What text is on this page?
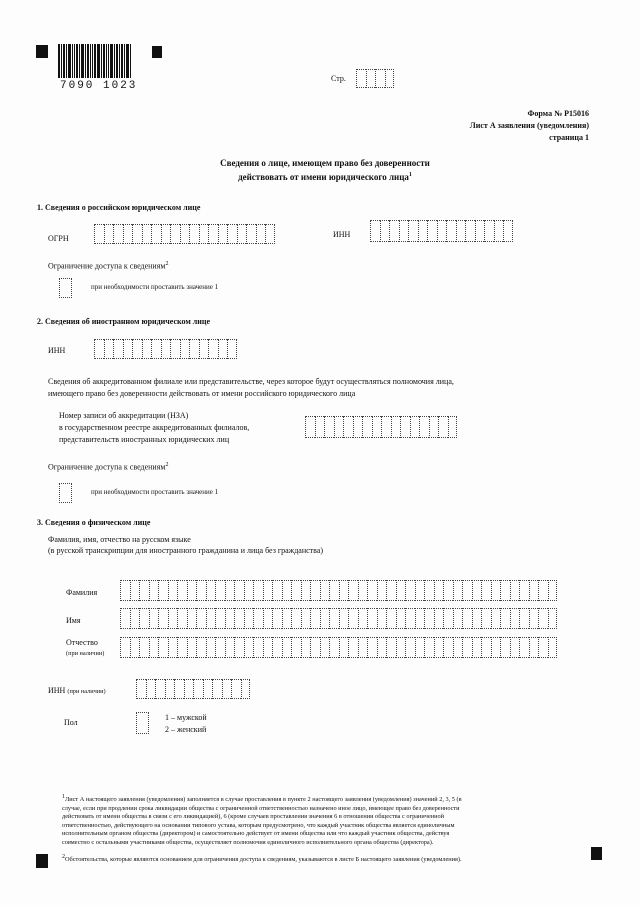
7090 1023
Стр.
Форма № Р15016
Лист А заявления (уведомления)
страница 1
Сведения о лице, имеющем право без доверенности
действовать от имени юридического лица$^1$
1. Сведения о российском юридическом лице
ОГРН	ИНН
Ограничение доступа к сведениям$^2$
при необходимости проставить значение 1
2. Сведения об иностранном юридическом лице
ИНН
Сведения об аккредитованном филиале или представительстве, через которое будут осуществляться полномочия лица,
имеющего право без доверенности действовать от имени российского юридического лица
Номер записи об аккредитации (НЗА)
в государственном реестре аккредитованных филиалов,
представительств иностранных юридических лиц
Ограничение доступа к сведениям$^2$
при необходимости проставить значение 1
3. Сведения о физическом лице
Фамилия, имя, отчество на русском языке
(в русской транскрипции для иностранного гражданина и лица без гражданства)
Фамилия
Имя
Отчество
(при наличии)
ИНН (при наличии)
Пол
1 – мужской
2 – женский
$^1$Лист А настоящего заявления (уведомления) заполняется в случае проставления в пункте 2 настоящего заявления (уведомления) значений 2, 3, 5 (в
случае, если при продлении срока ликвидации общества с ограниченной ответственностью назначено иное лицо, имеющее право без доверенности
действовать от имени общества в связи с его ликвидацией), 6 (кроме случаев проставления значения 6 в отношении общества с ограниченной
ответственностью, действующего на основании типового устава, которым предусмотрено, что каждый участник общества является единоличным
исполнительным органом общества (директором) и самостоятельно действует от имени общества или что каждый участник общества, действуя
совместно с остальными участниками общества, осуществляет полномочия единоличного исполнительного органа общества (директора).
$^2$Обстоятельства, которые являются основанием для ограничения доступа к сведениям, указываются в листе Б настоящего заявления (уведомления).
